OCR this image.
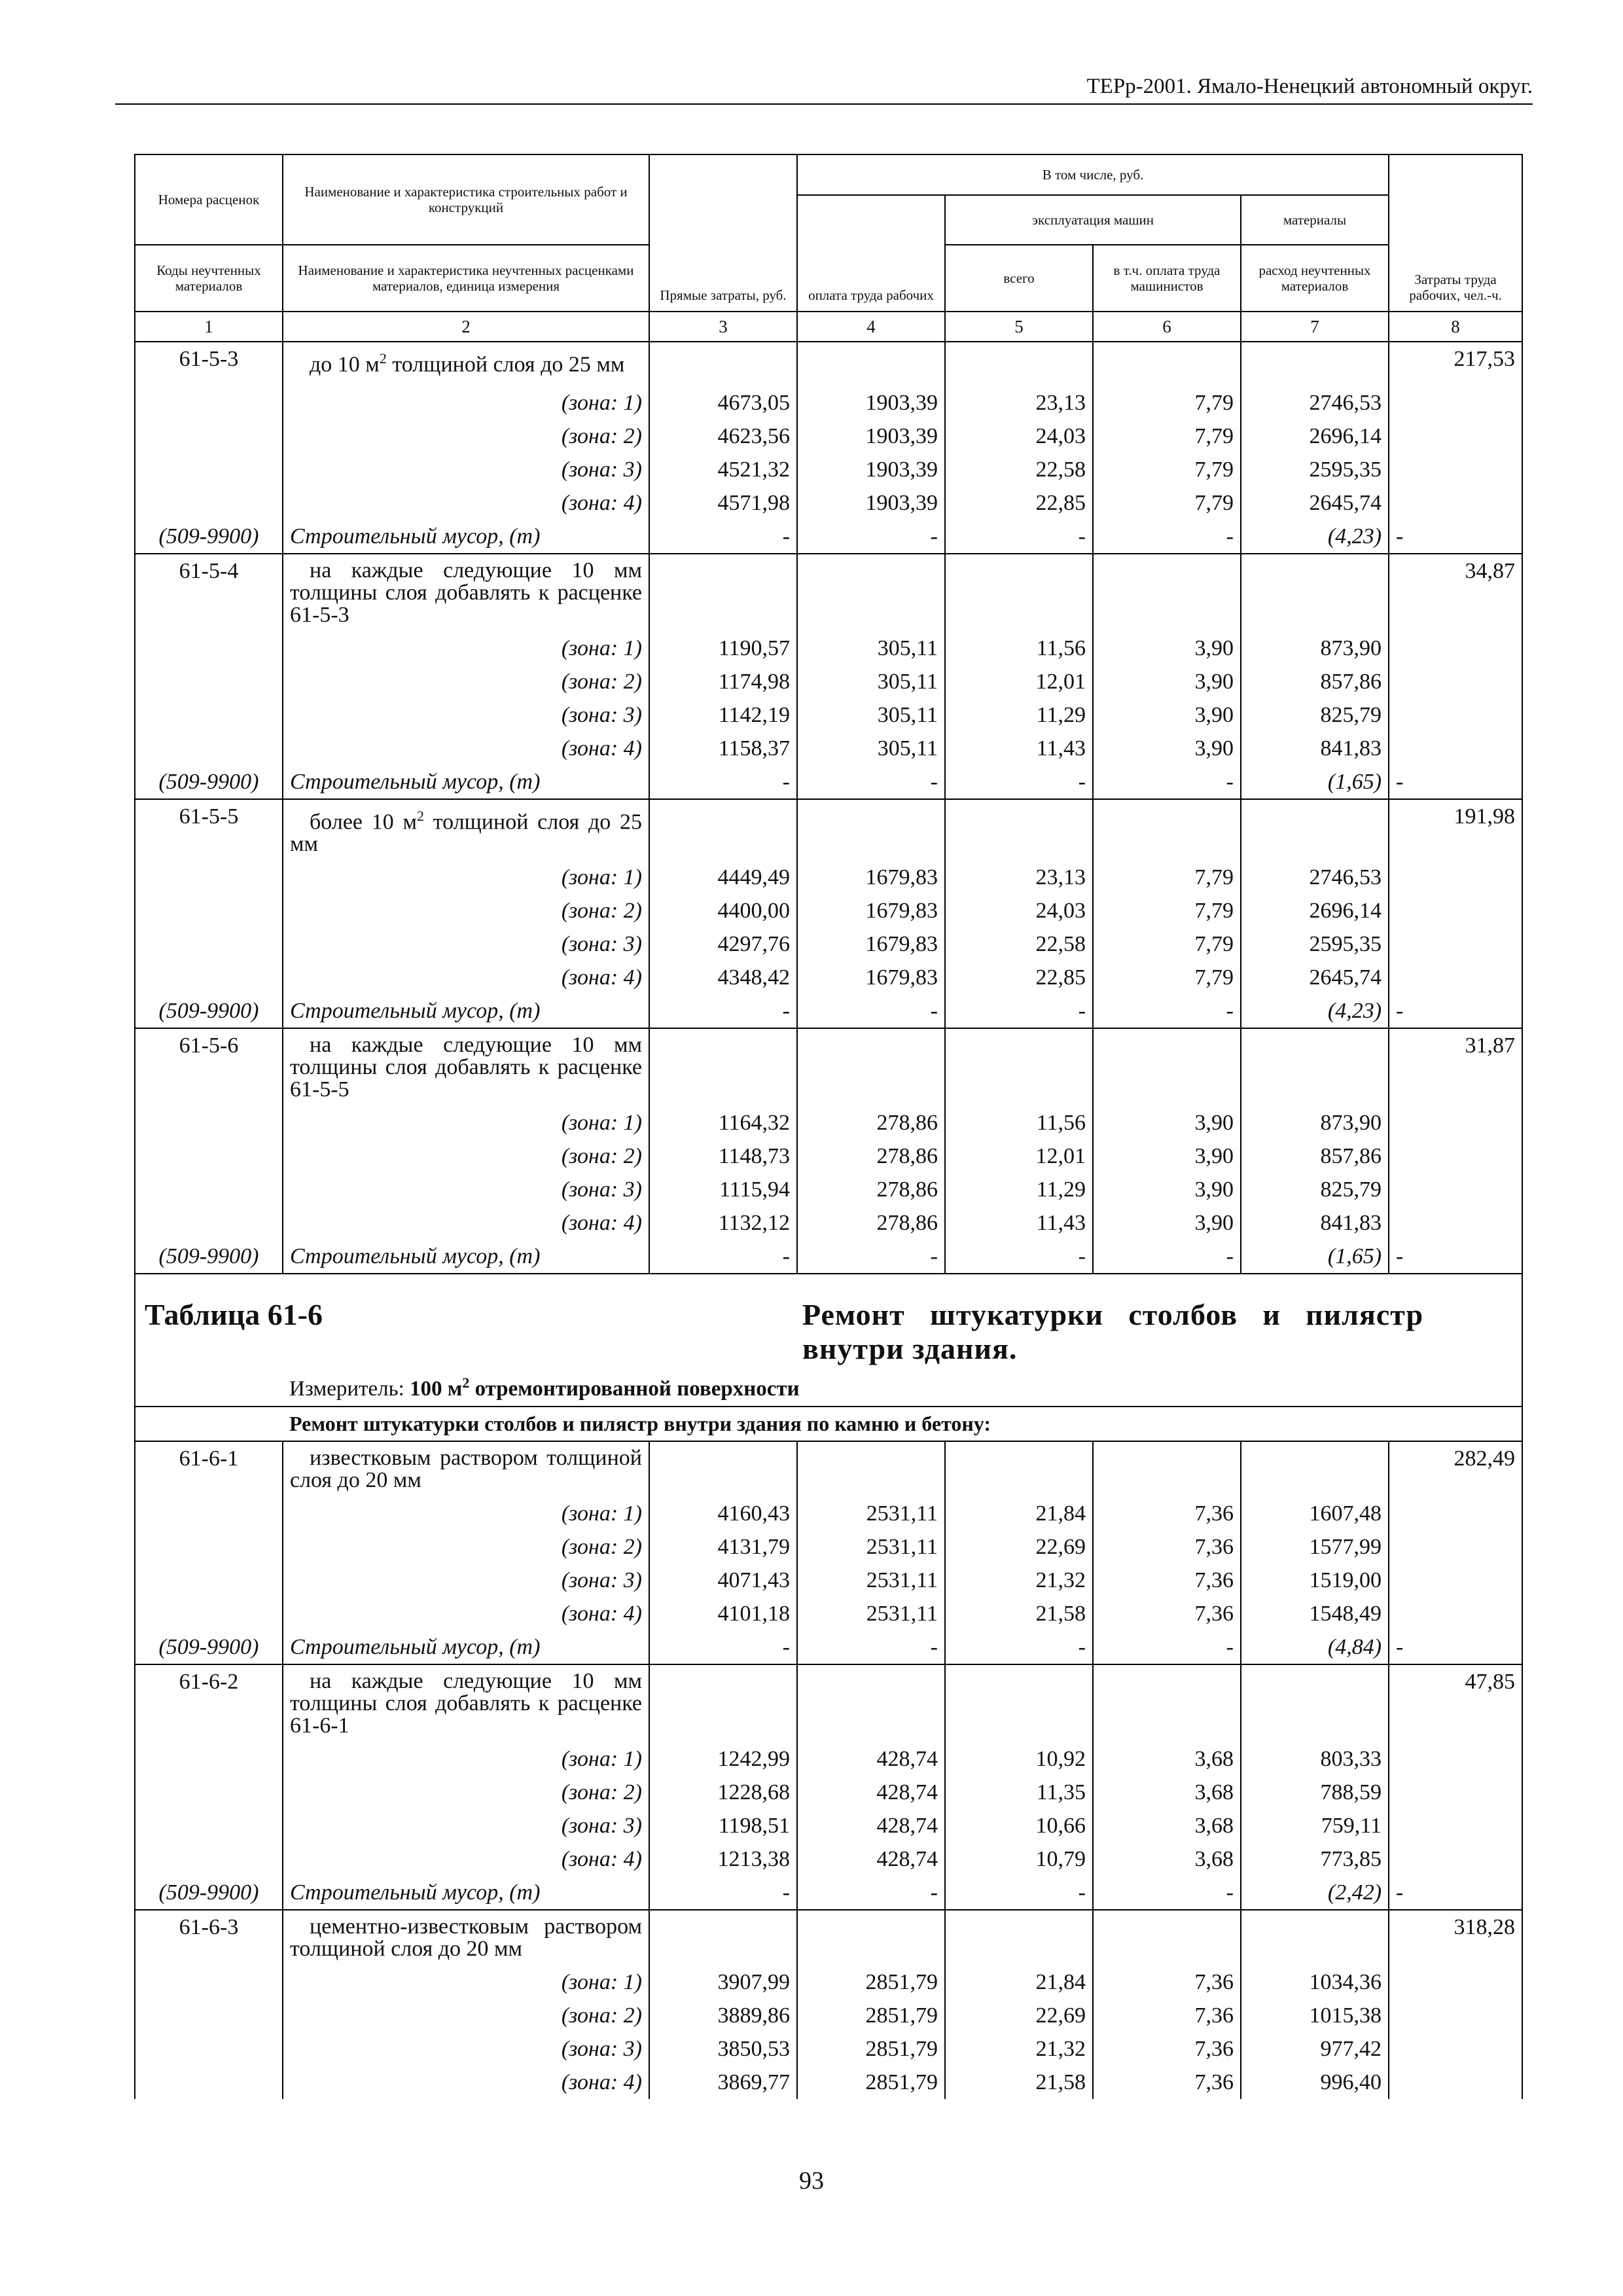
ТЕРр-2001. Ямало-Ненецкий автономный округ.
Номера расценок	Наименование и характеристика строительных работ и конструкций	Прямые затраты, руб.	В том числе, руб.				Затраты труда рабочих, чел.-ч.
			оплата труда рабочих	эксплуатация машин		материалы	
Коды неучтенных материалов	Наименование и характеристика неучтенных расценками материалов, единица измерения			всего	в т.ч. оплата труда машинистов	расход неучтенных материалов	
1	2	3	4	5	6	7	8
61-5-3	до 10 $м^2$ толщиной слоя до 25 мм						217,53
	(зона: 1)	4673,05	1903,39	23,13	7,79	2746,53	
	(зона: 2)	4623,56	1903,39	24,03	7,79	2696,14	
	(зона: 3)	4521,32	1903,39	22,58	7,79	2595,35	
	(зона: 4)	4571,98	1903,39	22,85	7,79	2645,74	
(509-9900)	Строительный мусор, (т)	-	-	-	-	(4,23)	-
61-5-4	на каждые следующие 10 мм толщины слоя добавлять к расценке 61-5-3						34,87
	(зона: 1)	1190,57	305,11	11,56	3,90	873,90	
	(зона: 2)	1174,98	305,11	12,01	3,90	857,86	
	(зона: 3)	1142,19	305,11	11,29	3,90	825,79	
	(зона: 4)	1158,37	305,11	11,43	3,90	841,83	
(509-9900)	Строительный мусор, (т)	-	-	-	-	(1,65)	-
61-5-5	более 10 $м^2$ толщиной слоя до 25 мм						191,98
	(зона: 1)	4449,49	1679,83	23,13	7,79	2746,53	
	(зона: 2)	4400,00	1679,83	24,03	7,79	2696,14	
	(зона: 3)	4297,76	1679,83	22,58	7,79	2595,35	
	(зона: 4)	4348,42	1679,83	22,85	7,79	2645,74	
(509-9900)	Строительный мусор, (т)	-	-	-	-	(4,23)	-
61-5-6	на каждые следующие 10 мм толщины слоя добавлять к расценке 61-5-5						31,87
	(зона: 1)	1164,32	278,86	11,56	3,90	873,90	
	(зона: 2)	1148,73	278,86	12,01	3,90	857,86	
	(зона: 3)	1115,94	278,86	11,29	3,90	825,79	
	(зона: 4)	1132,12	278,86	11,43	3,90	841,83	
(509-9900)	Строительный мусор, (т)	-	-	-	-	(1,65)	-
Таблица 61-6			Ремонт штукатурки столбов и пилястр внутри здания.				
	Измеритель: 100 $м^2$ отремонтированной поверхности						
	Ремонт штукатурки столбов и пилястр внутри здания по камню и бетону:						
61-6-1	известковым раствором толщиной слоя до 20 мм						282,49
	(зона: 1)	4160,43	2531,11	21,84	7,36	1607,48	
	(зона: 2)	4131,79	2531,11	22,69	7,36	1577,99	
	(зона: 3)	4071,43	2531,11	21,32	7,36	1519,00	
	(зона: 4)	4101,18	2531,11	21,58	7,36	1548,49	
(509-9900)	Строительный мусор, (т)	-	-	-	-	(4,84)	-
61-6-2	на каждые следующие 10 мм толщины слоя добавлять к расценке 61-6-1						47,85
	(зона: 1)	1242,99	428,74	10,92	3,68	803,33	
	(зона: 2)	1228,68	428,74	11,35	3,68	788,59	
	(зона: 3)	1198,51	428,74	10,66	3,68	759,11	
	(зона: 4)	1213,38	428,74	10,79	3,68	773,85	
(509-9900)	Строительный мусор, (т)	-	-	-	-	(2,42)	-
61-6-3	цементно-известковым раствором толщиной слоя до 20 мм						318,28
	(зона: 1)	3907,99	2851,79	21,84	7,36	1034,36	
	(зона: 2)	3889,86	2851,79	22,69	7,36	1015,38	
	(зона: 3)	3850,53	2851,79	21,32	7,36	977,42	
	(зона: 4)	3869,77	2851,79	21,58	7,36	996,40	
93
